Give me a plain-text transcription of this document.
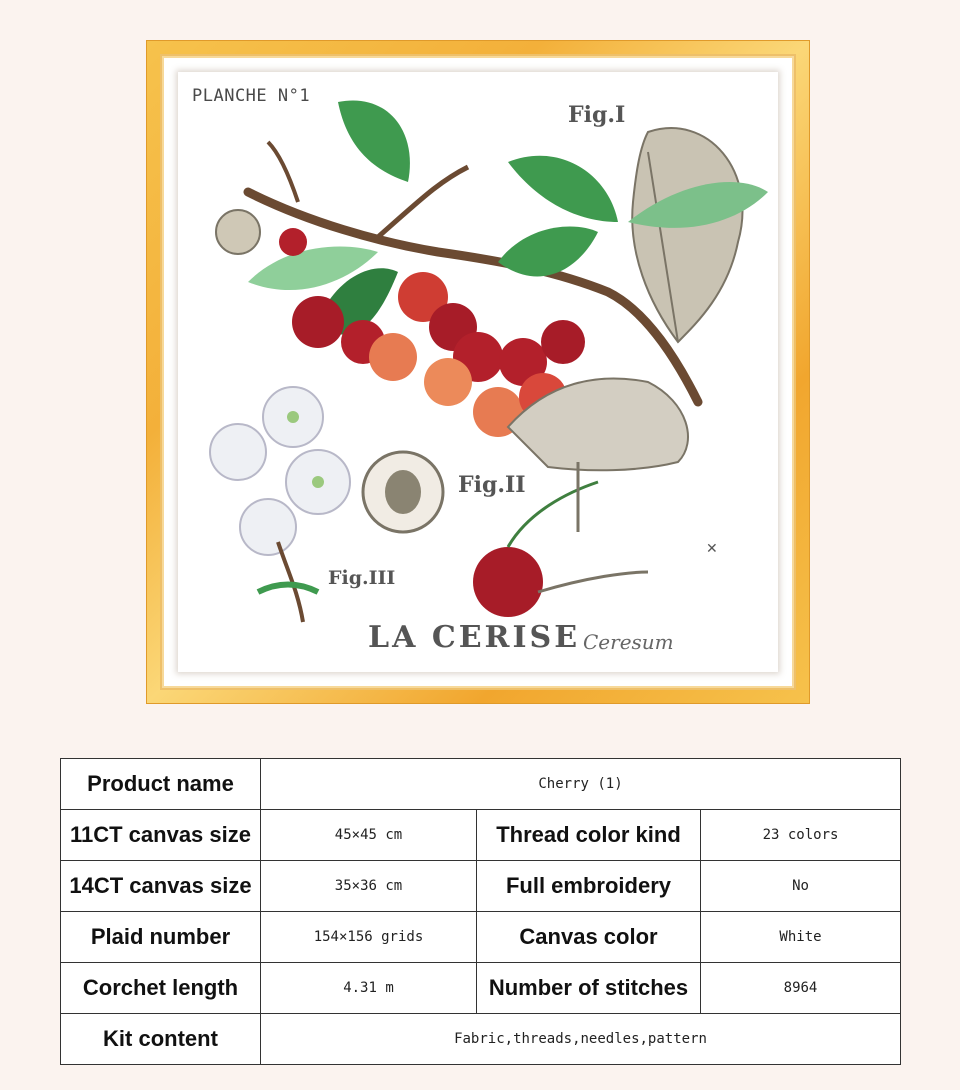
PLANCHE N°1
Fig.I
Fig.II
Fig.III
LA CERISE Ceresum
✕
Product name	Cherry (1)		
11CT canvas size	45×45 cm	Thread color kind	23 colors
14CT canvas size	35×36 cm	Full embroidery	No
Plaid number	154×156 grids	Canvas color	White
Corchet length	4.31 m	Number of stitches	8964
Kit content	Fabric,threads,needles,pattern		
